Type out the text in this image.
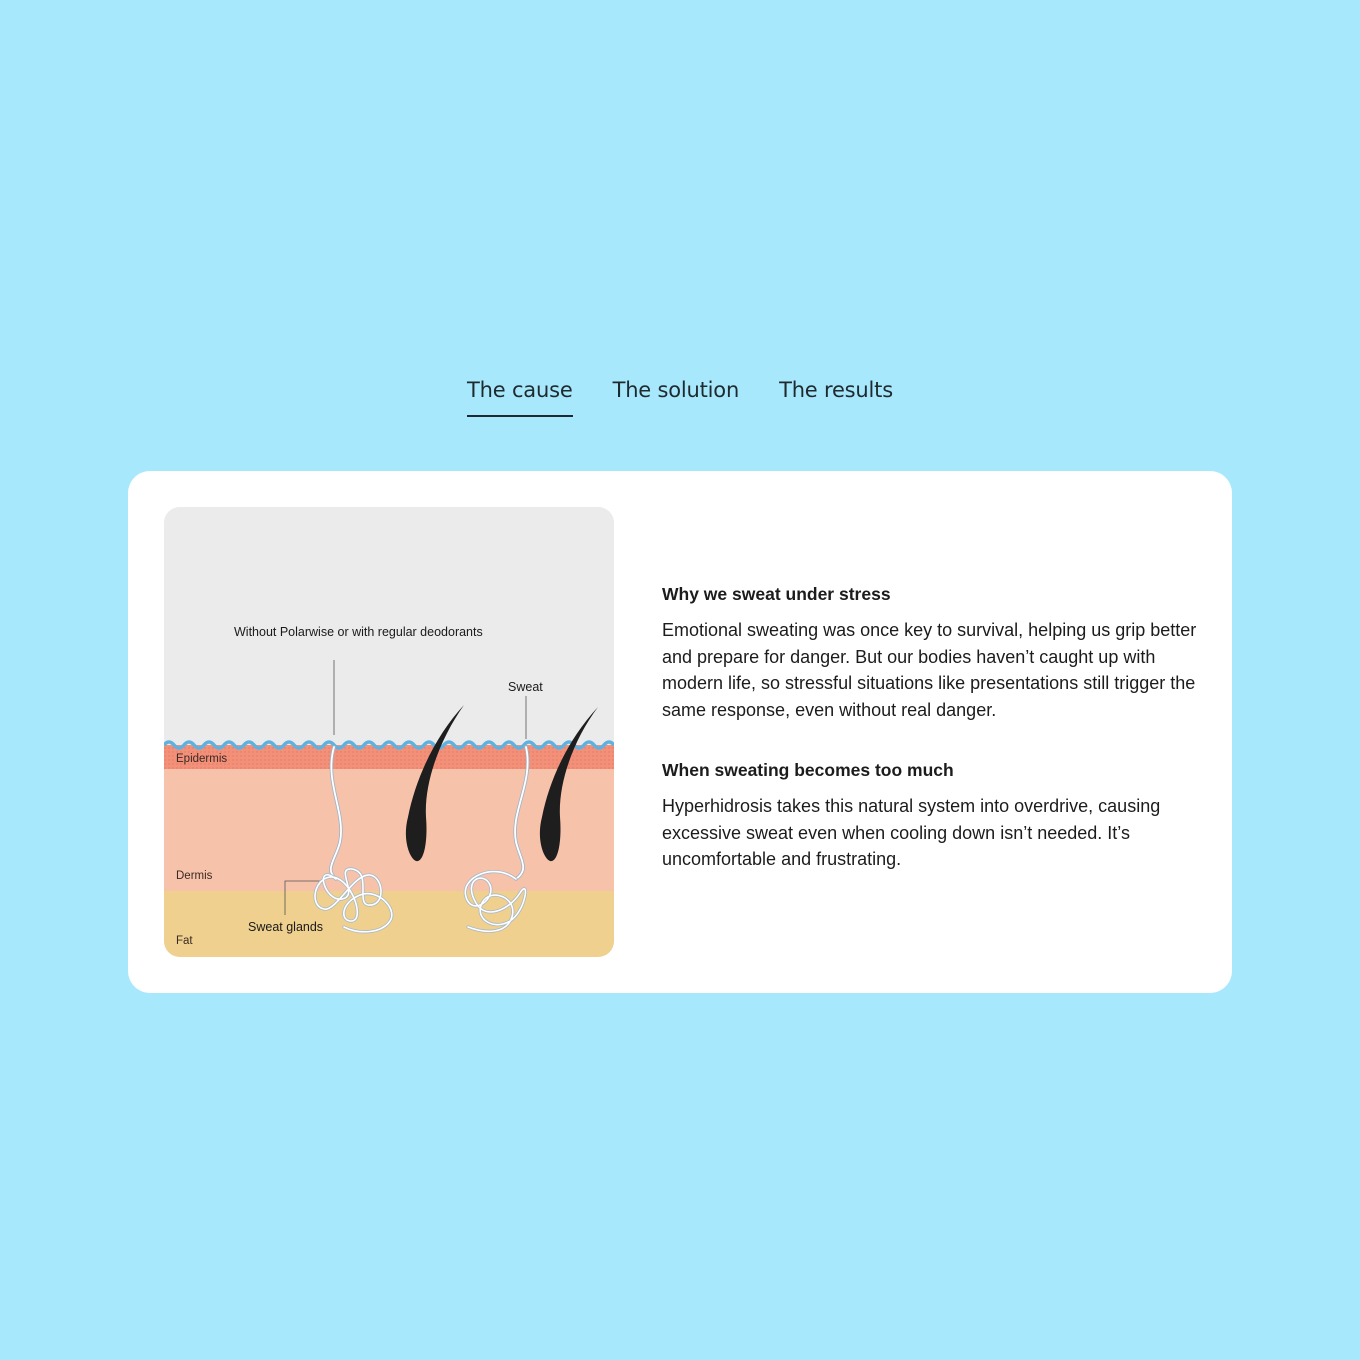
The cause The solution The results
Without Polarwise or with regular deodorants
Sweat
Epidermis
Dermis
Sweat glands
Fat
Why we sweat under stress

Emotional sweating was once key to survival, helping us grip better and prepare for danger. But our bodies haven’t caught up with modern life, so stressful situations like presentations still trigger the same response, even without real danger.

When sweating becomes too much

Hyperhidrosis takes this natural system into overdrive, causing excessive sweat even when cooling down isn’t needed. It’s uncomfortable and frustrating.
